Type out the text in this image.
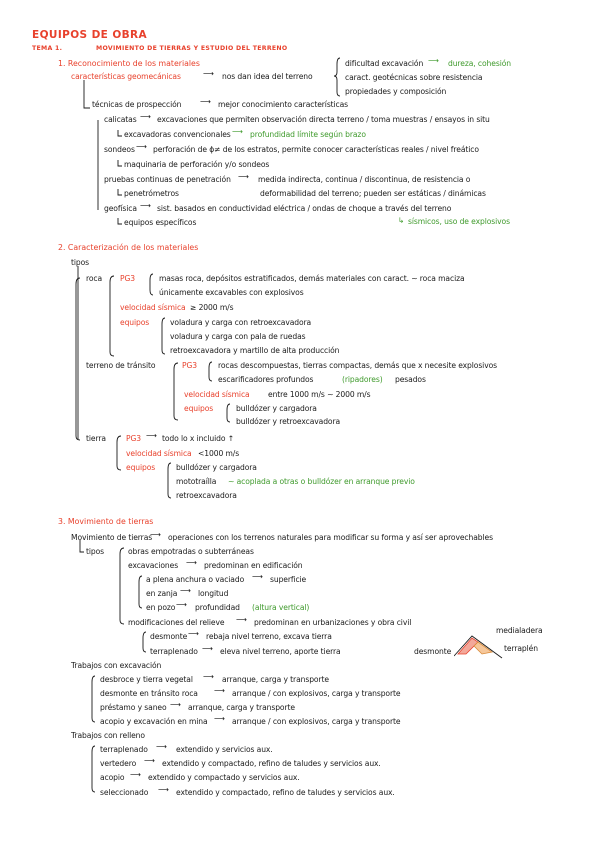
EQUIPOS DE OBRA
TEMA 1.	MOVIMIENTO DE TIERRAS Y ESTUDIO DEL TERRENO
1. Reconocimiento de los materiales
características geomecánicas	⟶ nos dan idea del terreno
dificultad excavación ⟶ dureza, cohesión
caract. geotécnicas sobre resistencia
propiedades y composición
técnicas de prospección ⟶ mejor conocimiento características
calicatas ⟶ excavaciones que permiten observación directa terreno / toma muestras / ensayos in situ
excavadoras convencionales ⟶ profundidad límite según brazo
sondeos ⟶ perforación de ϕ≠ de los estratos, permite conocer características reales / nivel freático
maquinaria de perforación y/o sondeos
pruebas continuas de penetración ⟶ medida indirecta, continua / discontinua, de resistencia o
penetrómetros	deformabilidad del terreno; pueden ser estáticas / dinámicas
geofísica ⟶ sist. basados en conductividad eléctrica / ondas de choque a través del terreno
equipos específicos	↳ sísmicos, uso de explosivos
2. Caracterización de los materiales
tipos
roca PG3	masas roca, depósitos estratificados, demás materiales con caract. ~ roca maciza
únicamente excavables con explosivos
velocidad sísmica ≥ 2000 m/s
equipos	voladura y carga con retroexcavadora
voladura y carga con pala de ruedas
retroexcavadora y martillo de alta producción
terreno de tránsito	PG3	rocas descompuestas, tierras compactas, demás que x necesite explosivos
escarificadores profundos	(ripadores) pesados
velocidad sísmica entre 1000 m/s ~ 2000 m/s
equipos	bulldózer y cargadora
bulldózer y retroexcavadora
tierra	PG3 ⟶ todo lo x incluido ↑
velocidad sísmica <1000 m/s
equipos	bulldózer y cargadora
mototraílla ~ acoplada a otras o bulldózer en arranque previo
retroexcavadora
3. Movimiento de tierras
Movimiento de tierras
⟶ operaciones con los terrenos naturales para modificar su forma y así ser aprovechables
tipos	obras empotradas o subterráneas
excavaciones ⟶ predominan en edificación
a plena anchura o vaciado ⟶ superficie
en zanja ⟶ longitud
en pozo ⟶ profundidad (altura vertical)
modificaciones del relieve ⟶ predominan en urbanizaciones y obra civil
desmonte ⟶ rebaja nivel terreno, excava tierra
terraplenado ⟶ eleva nivel terreno, aporte tierra
medialadera
desmonte	terraplén
Trabajos con excavación
desbroce y tierra vegetal ⟶ arranque, carga y transporte
desmonte en tránsito roca ⟶ arranque / con explosivos, carga y transporte
préstamo y saneo ⟶ arranque, carga y transporte
acopio y excavación en mina ⟶ arranque / con explosivos, carga y transporte
Trabajos con relleno
terraplenado ⟶ extendido y servicios aux.
vertedero ⟶ extendido y compactado, refino de taludes y servicios aux.
acopio ⟶ extendido y compactado y servicios aux.
seleccionado ⟶ extendido y compactado, refino de taludes y servicios aux.
